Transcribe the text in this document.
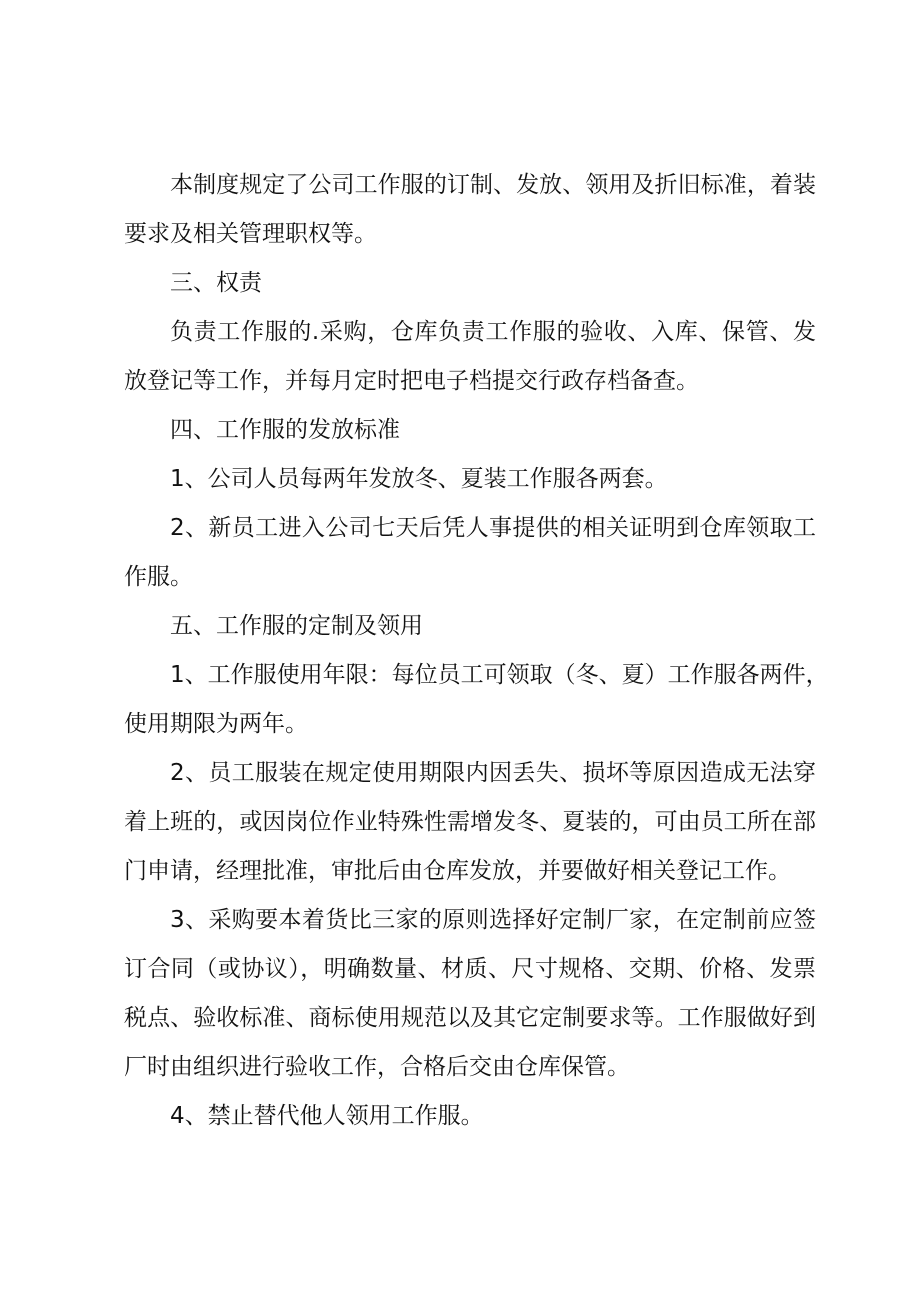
本制度规定了公司工作服的订制、发放、领用及折旧标准，着装

要求及相关管理职权等。

三、权责

负责工作服的.采购，仓库负责工作服的验收、入库、保管、发

放登记等工作，并每月定时把电子档提交行政存档备查。

四、工作服的发放标准

1、公司人员每两年发放冬、夏装工作服各两套。

2、新员工进入公司七天后凭人事提供的相关证明到仓库领取工

作服。

五、工作服的定制及领用

1、工作服使用年限：每位员工可领取（冬、夏）工作服各两件，

使用期限为两年。

2、员工服装在规定使用期限内因丢失、损坏等原因造成无法穿

着上班的，或因岗位作业特殊性需增发冬、夏装的，可由员工所在部

门申请，经理批准，审批后由仓库发放，并要做好相关登记工作。

3、采购要本着货比三家的原则选择好定制厂家，在定制前应签

订合同（或协议），明确数量、材质、尺寸规格、交期、价格、发票

税点、验收标准、商标使用规范以及其它定制要求等。工作服做好到

厂时由组织进行验收工作，合格后交由仓库保管。

4、禁止替代他人领用工作服。
